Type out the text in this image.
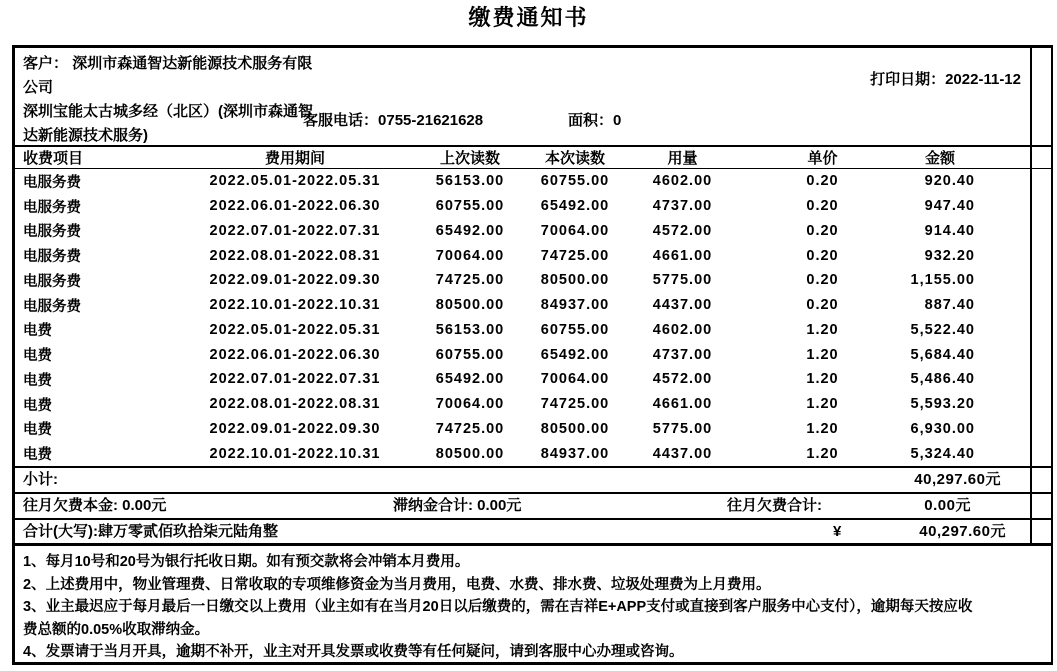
缴费通知书
客户： 深圳市森通智达新能源技术服务有限公司
深圳宝能太古城多经（北区）(深圳市森通智达新能源技术服务)
打印日期：2022-11-12
客服电话：0755-21621628	面积：0
收费项目	费用期间	上次读数	本次读数	用量	单价	金额
电服务费	2022.05.01-2022.05.31	56153.00	60755.00	4602.00	0.20	920.40
电服务费	2022.06.01-2022.06.30	60755.00	65492.00	4737.00	0.20	947.40
电服务费	2022.07.01-2022.07.31	65492.00	70064.00	4572.00	0.20	914.40
电服务费	2022.08.01-2022.08.31	70064.00	74725.00	4661.00	0.20	932.20
电服务费	2022.09.01-2022.09.30	74725.00	80500.00	5775.00	0.20	1,155.00
电服务费	2022.10.01-2022.10.31	80500.00	84937.00	4437.00	0.20	887.40
电费	2022.05.01-2022.05.31	56153.00	60755.00	4602.00	1.20	5,522.40
电费	2022.06.01-2022.06.30	60755.00	65492.00	4737.00	1.20	5,684.40
电费	2022.07.01-2022.07.31	65492.00	70064.00	4572.00	1.20	5,486.40
电费	2022.08.01-2022.08.31	70064.00	74725.00	4661.00	1.20	5,593.20
电费	2022.09.01-2022.09.30	74725.00	80500.00	5775.00	1.20	6,930.00
电费	2022.10.01-2022.10.31	80500.00	84937.00	4437.00	1.20	5,324.40
小计:	40,297.60元
往月欠费本金: 0.00元	滞纳金合计: 0.00元	往月欠费合计:	0.00元
合计(大写):肆万零贰佰玖拾柒元陆角整	¥	40,297.60元

1、每月10号和20号为银行托收日期。如有预交款将会冲销本月费用。

2、上述费用中，物业管理费、日常收取的专项维修资金为当月费用，电费、水费、排水费、垃圾处理费为上月费用。

3、业主最迟应于每月最后一日缴交以上费用（业主如有在当月20日以后缴费的，需在吉祥E+APP支付或直接到客户服务中心支付），逾期每天按应收费总额的0.05%收取滞纳金。

4、发票请于当月开具，逾期不补开，业主对开具发票或收费等有任何疑问，请到客服中心办理或咨询。
